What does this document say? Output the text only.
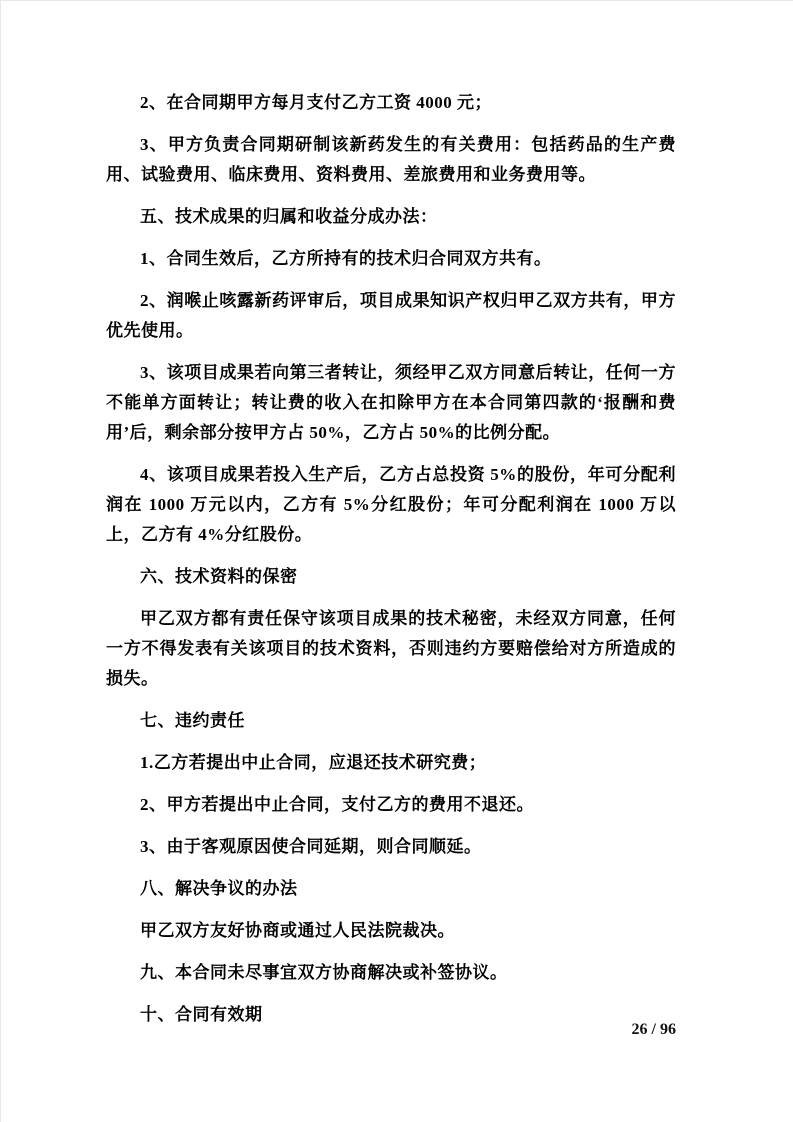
2、在合同期甲方每月支付乙方工资 4000 元；

3、甲方负责合同期研制该新药发生的有关费用：包括药品的生产费用、试验费用、临床费用、资料费用、差旅费用和业务费用等。

五、技术成果的归属和收益分成办法：

1、合同生效后，乙方所持有的技术归合同双方共有。

2、润喉止咳露新药评审后，项目成果知识产权归甲乙双方共有，甲方优先使用。

3、该项目成果若向第三者转让，须经甲乙双方同意后转让，任何一方不能单方面转让；转让费的收入在扣除甲方在本合同第四款的‘报酬和费用’后，剩余部分按甲方占 50%，乙方占 50%的比例分配。

4、该项目成果若投入生产后，乙方占总投资 5%的股份，年可分配利润在 1000 万元以内，乙方有 5%分红股份；年可分配利润在 1000 万以上，乙方有 4%分红股份。

六、技术资料的保密

甲乙双方都有责任保守该项目成果的技术秘密，未经双方同意，任何一方不得发表有关该项目的技术资料，否则违约方要赔偿给对方所造成的损失。

七、违约责任

1.乙方若提出中止合同，应退还技术研究费；

2、甲方若提出中止合同，支付乙方的费用不退还。

3、由于客观原因使合同延期，则合同顺延。

八、解决争议的办法

甲乙双方友好协商或通过人民法院裁决。

九、本合同未尽事宜双方协商解决或补签协议。

十、合同有效期

26 / 96
